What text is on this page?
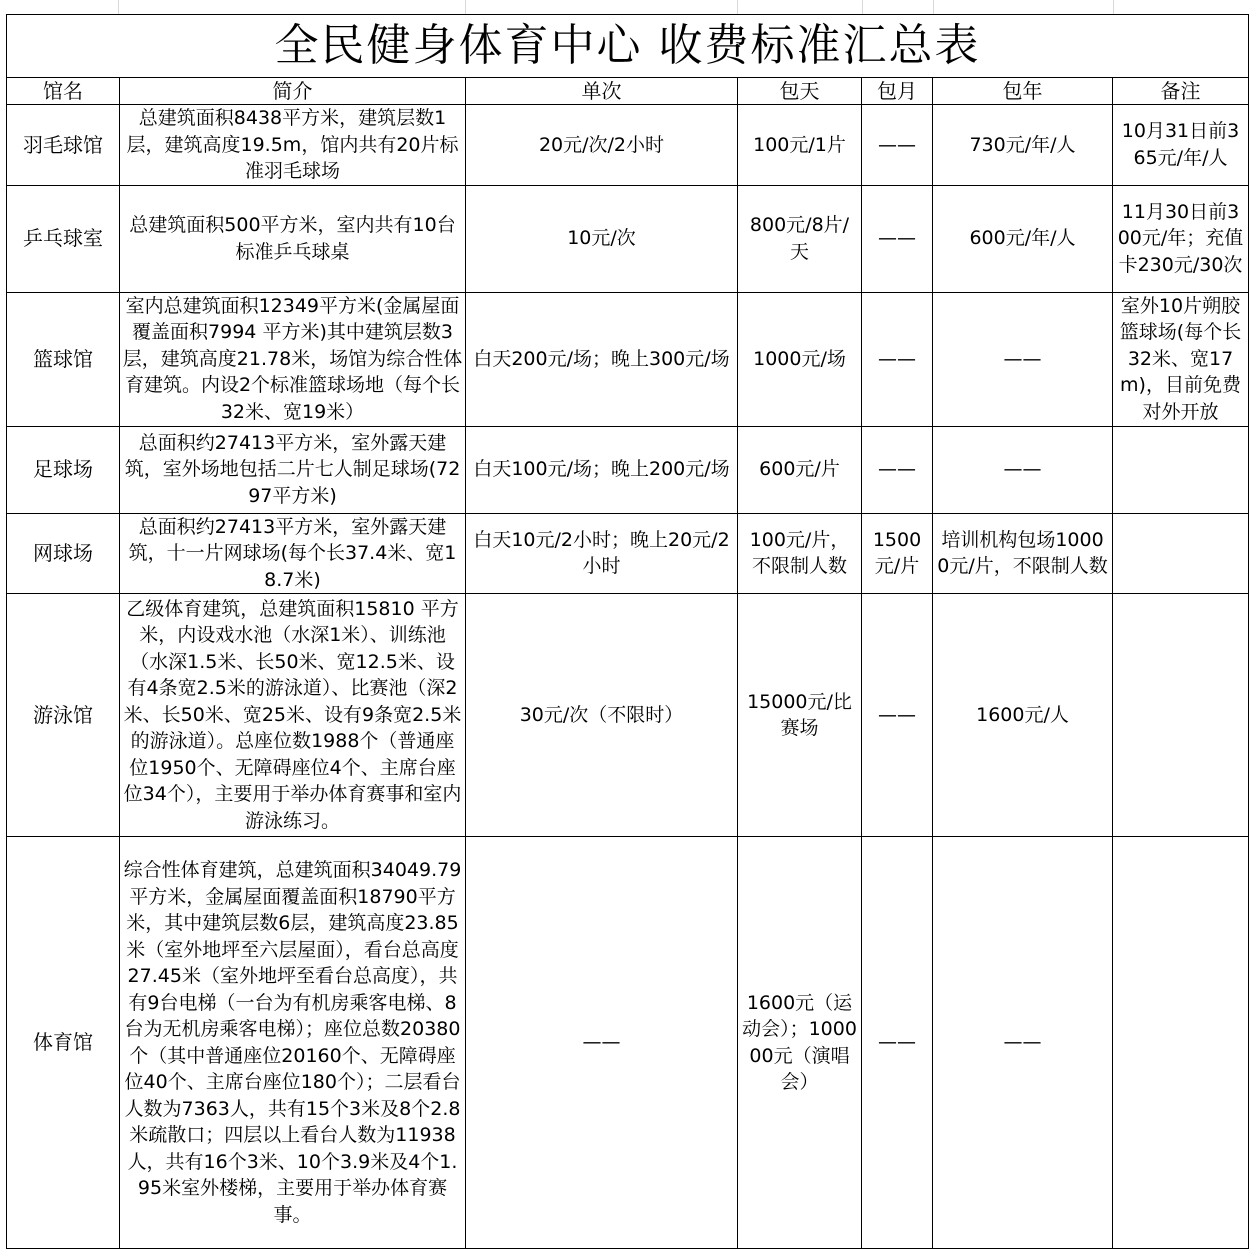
全民健身体育中心 收费标准汇总表						
馆名	简介	单次	包天	包月	包年	备注
羽毛球馆	总建筑面积8438平方米，建筑层数1层，建筑高度19.5m，馆内共有20片标准羽毛球场	20元/次/2小时	100元/1片	——	730元/年/人	10月31日前365元/年/人
乒乓球室	总建筑面积500平方米，室内共有10台标准乒乓球桌	10元/次	800元/8片/天	——	600元/年/人	11月30日前300元/年；充值卡230元/30次
篮球馆	室内总建筑面积12349平方米(金属屋面覆盖面积7994 平方米)其中建筑层数3层，建筑高度21.78米，场馆为综合性体育建筑。内设2个标准篮球场地（每个长32米、宽19米）	白天200元/场；晚上300元/场	1000元/场	——	——	室外10片朔胶篮球场(每个长32米、宽17m)，目前免费对外开放
足球场	总面积约27413平方米，室外露天建筑，室外场地包括二片七人制足球场(7297平方米)	白天100元/场；晚上200元/场	600元/片	——	——	
网球场	总面积约27413平方米，室外露天建筑，十一片网球场(每个长37.4米、宽18.7米)	白天10元/2小时；晚上20元/2小时	100元/片，不限制人数	1500元/片	培训机构包场10000元/片，不限制人数	
游泳馆	乙级体育建筑，总建筑面积15810 平方米，内设戏水池（水深1米）、训练池（水深1.5米、长50米、宽12.5米、设有4条宽2.5米的游泳道）、比赛池（深2米、长50米、宽25米、设有9条宽2.5米的游泳道）。总座位数1988个（普通座位1950个、无障碍座位4个、主席台座位34个），主要用于举办体育赛事和室内游泳练习。	30元/次（不限时）	15000元/比赛场	——	1600元/人	
体育馆	综合性体育建筑，总建筑面积34049.79平方米，金属屋面覆盖面积18790平方米，其中建筑层数6层，建筑高度23.85米（室外地坪至六层屋面），看台总高度27.45米（室外地坪至看台总高度），共有9台电梯（一台为有机房乘客电梯、8台为无机房乘客电梯）；座位总数20380个（其中普通座位20160个、无障碍座位40个、主席台座位180个）；二层看台人数为7363人，共有15个3米及8个2.8米疏散口；四层以上看台人数为11938人，共有16个3米、10个3.9米及4个1.95米室外楼梯，主要用于举办体育赛事。	——	1600元（运动会）；100000元（演唱会）	——	——	
